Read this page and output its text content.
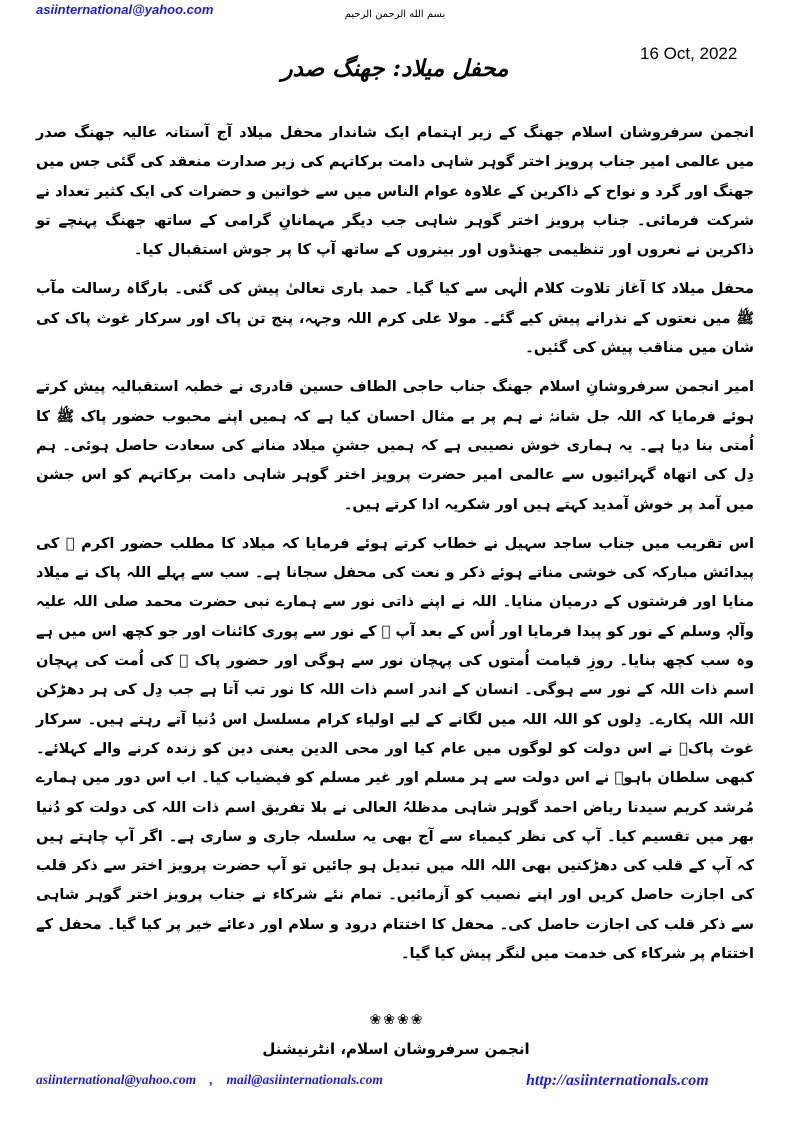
asiinternational@yahoo.com	بسم الله الرحمن الرحیم
16 Oct, 2022
محفل میلاد: جھنگ صدر

انجمن سرفروشان اسلام جھنگ کے زیر اہتمام ایک شاندار محفل میلاد آج آستانہ عالیہ جھنگ صدر میں عالمی امیر جناب پرویز اختر گوہر شاہی دامت برکاتہم کی زیر صدارت منعقد کی گئی جس میں جھنگ اور گرد و نواح کے ذاکرین کے علاوہ عوام الناس میں سے خواتین و حضرات کی ایک کثیر تعداد نے شرکت فرمائی۔ جناب پرویز اختر گوہر شاہی جب دیگر مہمانانِ گرامی کے ساتھ جھنگ پہنچے تو ذاکرین نے نعروں اور تنظیمی جھنڈوں اور بینروں کے ساتھ آپ کا پر جوش استقبال کیا۔

محفل میلاد کا آغاز تلاوت کلام الٰہی سے کیا گیا۔ حمد باری تعالیٰ پیش کی گئی۔ بارگاہ رسالت مآب ﷺ میں نعتوں کے نذرانے پیش کیے گئے۔ مولا علی کرم اللہ وجہہ، پنج تن پاک اور سرکار غوث پاک کی شان میں مناقب پیش کی گئیں۔

امیر انجمن سرفروشانِ اسلام جھنگ جناب حاجی الطاف حسین قادری نے خطبہ استقبالیہ پیش کرتے ہوئے فرمایا کہ اللہ جل شانہٗ نے ہم پر بے مثال احسان کیا ہے کہ ہمیں اپنے محبوب حضور پاک ﷺ کا اُمتی بنا دیا ہے۔ یہ ہماری خوش نصیبی ہے کہ ہمیں جشنِ میلاد منانے کی سعادت حاصل ہوئی۔ ہم دِل کی اتھاہ گہرائیوں سے عالمی امیر حضرت پرویز اختر گوہر شاہی دامت برکاتہم کو اس جشن میں آمد پر خوش آمدید کہتے ہیں اور شکریہ ادا کرتے ہیں۔

اس تقریب میں جناب ساجد سہیل نے خطاب کرتے ہوئے فرمایا کہ میلاد کا مطلب حضور اکرم ﷺ کی پیدائش مبارکہ کی خوشی مناتے ہوئے ذکر و نعت کی محفل سجانا ہے۔ سب سے پہلے اللہ پاک نے میلاد منایا اور فرشتوں کے درمیان منایا۔ اللہ نے اپنے ذاتی نور سے ہمارے نبی حضرت محمد صلی اللہ علیہ وآلہٖ وسلم کے نور کو پیدا فرمایا اور اُس کے بعد آپ ﷺ کے نور سے پوری کائنات اور جو کچھ اس میں ہے وہ سب کچھ بنایا۔ روزِ قیامت اُمتوں کی پہچان نور سے ہوگی اور حضور پاک ﷺ کی اُمت کی پہچان اسم ذات اللہ کے نور سے ہوگی۔ انسان کے اندر اسم ذات اللہ کا نور تب آتا ہے جب دِل کی ہر دھڑکن اللہ اللہ پکارے۔ دِلوں کو اللہ اللہ میں لگانے کے لیے اولیاء کرام مسلسل اس دُنیا آتے رہتے ہیں۔ سرکار غوث پاکؓ نے اس دولت کو لوگوں میں عام کیا اور محی الدین یعنی دین کو زندہ کرنے والے کہلائے۔ کبھی سلطان باہوؒ نے اس دولت سے ہر مسلم اور غیر مسلم کو فیضیاب کیا۔ اب اس دور میں ہمارے مُرشد کریم سیدنا ریاض احمد گوہر شاہی مدظلہُ العالی نے بلا تفریق اسم ذات اللہ کی دولت کو دُنیا بھر میں تقسیم کیا۔ آپ کی نظر کیمیاء سے آج بھی یہ سلسلہ جاری و ساری ہے۔ اگر آپ چاہتے ہیں کہ آپ کے قلب کی دھڑکنیں بھی اللہ اللہ میں تبدیل ہو جائیں تو آپ حضرت پرویز اختر سے ذکر قلب کی اجازت حاصل کریں اور اپنے نصیب کو آزمائیں۔ تمام نئے شرکاء نے جناب پرویز اختر گوہر شاہی سے ذکر قلب کی اجازت حاصل کی۔ محفل کا اختتام درود و سلام اور دعائے خیر پر کیا گیا۔ محفل کے اختتام پر شرکاء کی خدمت میں لنگر پیش کیا گیا۔

❀❀❀❀
انجمن سرفروشان اسلام، انٹرنیشنل
asiinternational@yahoo.com    ,    mail@asiinternationals.com	http://asiinternationals.com
